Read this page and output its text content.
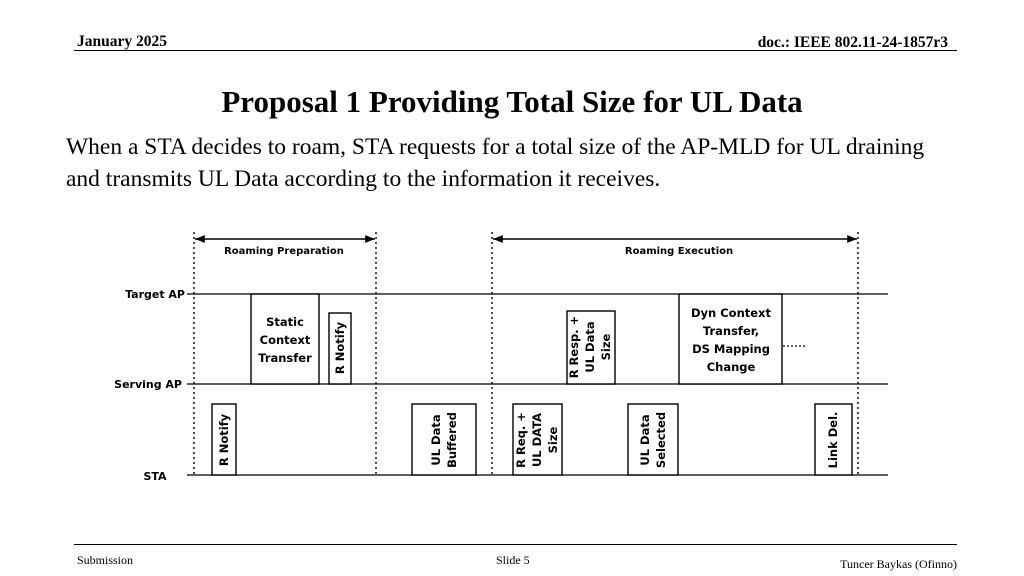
January 2025	doc.: IEEE 802.11-24-1857r3
Proposal 1 Providing Total Size for UL Data
When a STA decides to roam, STA requests for a total size of the AP-MLD for UL draining and transmits UL Data according to the information it receives.
Roaming Preparation	Roaming Execution
Target AP
Serving AP
STA
Static
Context
Transfer
Dyn Context
Transfer,
DS Mapping
Change
R Notify	R Resp. + UL Data Size
R Notify	UL Data Buffered	R Req. + UL DATA Size	UL Data Selected	Link Del.
Submission	Slide 5	Tuncer Baykas (Ofinno)
